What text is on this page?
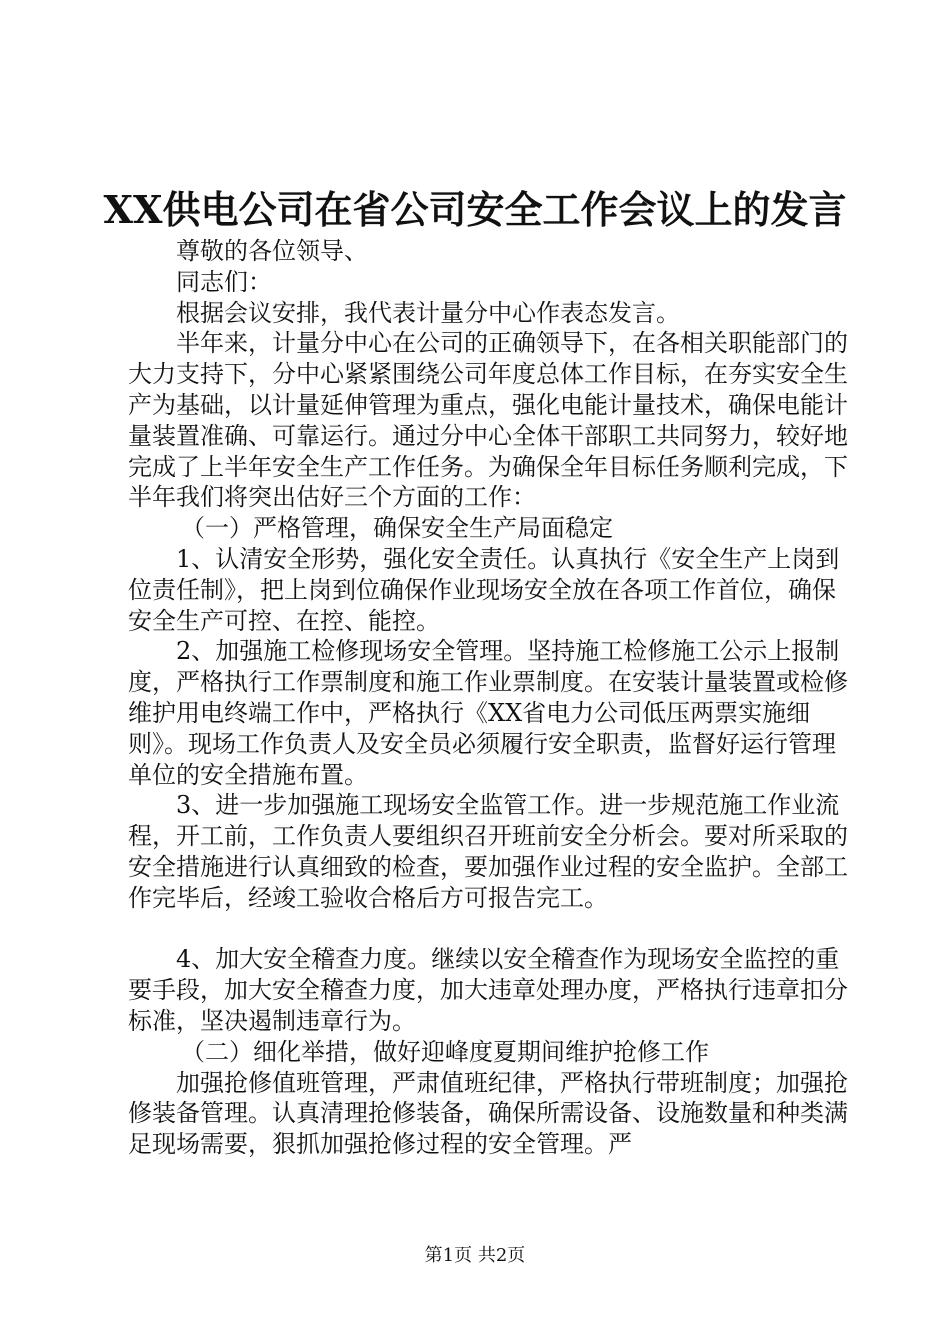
XX供电公司在省公司安全工作会议上的发言

尊敬的各位领导、

同志们：

根据会议安排，我代表计量分中心作表态发言。

半年来，计量分中心在公司的正确领导下，在各相关职能部门的大力支持下，分中心紧紧围绕公司年度总体工作目标，在夯实安全生产为基础，以计量延伸管理为重点，强化电能计量技术，确保电能计量装置准确、可靠运行。通过分中心全体干部职工共同努力，较好地完成了上半年安全生产工作任务。为确保全年目标任务顺利完成，下半年我们将突出估好三个方面的工作：

（一）严格管理，确保安全生产局面稳定

1、认清安全形势，强化安全责任。认真执行《安全生产上岗到位责任制》，把上岗到位确保作业现场安全放在各项工作首位，确保安全生产可控、在控、能控。

2、加强施工检修现场安全管理。坚持施工检修施工公示上报制度，严格执行工作票制度和施工作业票制度。在安装计量装置或检修维护用电终端工作中，严格执行《XX省电力公司低压两票实施细则》。现场工作负责人及安全员必须履行安全职责，监督好运行管理单位的安全措施布置。

3、进一步加强施工现场安全监管工作。进一步规范施工作业流程，开工前，工作负责人要组织召开班前安全分析会。要对所采取的安全措施进行认真细致的检查，要加强作业过程的安全监护。全部工作完毕后，经竣工验收合格后方可报告完工。

4、加大安全稽查力度。继续以安全稽查作为现场安全监控的重要手段，加大安全稽查力度，加大违章处理办度，严格执行违章扣分标准，坚决遏制违章行为。

（二）细化举措，做好迎峰度夏期间维护抢修工作

加强抢修值班管理，严肃值班纪律，严格执行带班制度；加强抢修装备管理。认真清理抢修装备，确保所需设备、设施数量和种类满足现场需要，狠抓加强抢修过程的安全管理。严

第1页 共2页
